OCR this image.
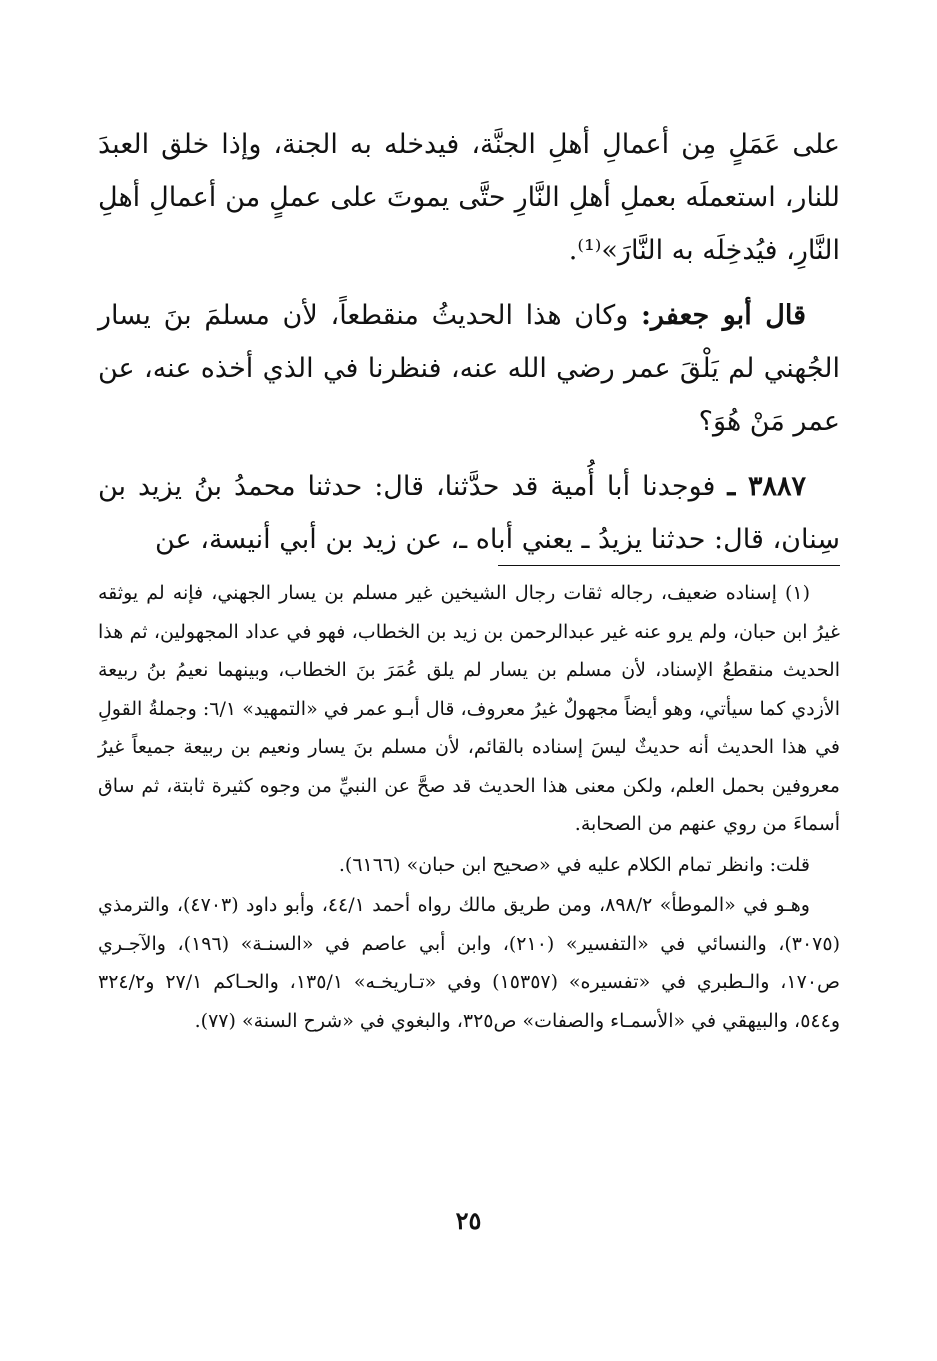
على عَمَلٍ مِن أعمالِ أهلِ الجنَّة، فيدخله به الجنة، وإذا خلق العبدَ للنار، استعملَه بعملِ أهلِ النَّارِ حتَّى يموتَ على عملٍ من أعمالِ أهلِ النَّارِ، فيُدخِلَه به النَّارَ»⁽¹⁾.

قال أبو جعفر: وكان هذا الحديثُ منقطعاً، لأن مسلمَ بنَ يسار الجُهني لم يَلْقَ عمر رضي الله عنه، فنظرنا في الذي أخذه عنه، عن عمر مَنْ هُوَ؟

٣٨٨٧ ـ فوجدنا أبا أُمية قد حدَّثنا، قال: حدثنا محمدُ بنُ يزيد بن سِنان، قال: حدثنا يزيدُ ـ يعني أباه ـ، عن زيد بن أبي أنيسة، عن

(١) إسناده ضعيف، رجاله ثقات رجال الشيخين غير مسلم بن يسار الجهني، فإنه لم يوثقه غيرُ ابن حبان، ولم يرو عنه غير عبدالرحمن بن زيد بن الخطاب، فهو في عداد المجهولين، ثم هذا الحديث منقطعُ الإسناد، لأن مسلم بن يسار لم يلق عُمَرَ بنَ الخطاب، وبينهما نعيمُ بنُ ربيعة الأزدي كما سيأتي، وهو أيضاً مجهولٌ غيرُ معروف، قال أبـو عمر في «التمهيد» ٦/١: وجملةُ القولِ في هذا الحديث أنه حديثٌ ليسَ إسناده بالقائم، لأن مسلم بنَ يسار ونعيم بن ربيعة جميعاً غيرُ معروفين بحمل العلم، ولكن معنى هذا الحديث قد صحَّ عن النبيِّ من وجوه كثيرة ثابتة، ثم ساق أسماءَ من روي عنهم من الصحابة.

قلت: وانظر تمام الكلام عليه في «صحيح ابن حبان» (٦١٦٦).

وهـو في «الموطأ» ٨٩٨/٢، ومن طريق مالك رواه أحمد ٤٤/١، وأبو داود (٤٧٠٣)، والترمذي (٣٠٧٥)، والنسائي في «التفسير» (٢١٠)، وابن أبي عاصم في «السنـة» (١٩٦)، والآجـري ص١٧٠، والـطبري في «تفسيره» (١٥٣٥٧) وفي «تـاريخـه» ١٣٥/١، والحـاكم ٢٧/١ و٣٢٤/٢ و٥٤٤، والبيهقي في «الأسمـاء والصفات» ص٣٢٥، والبغوي في «شرح السنة» (٧٧).

٢٥
